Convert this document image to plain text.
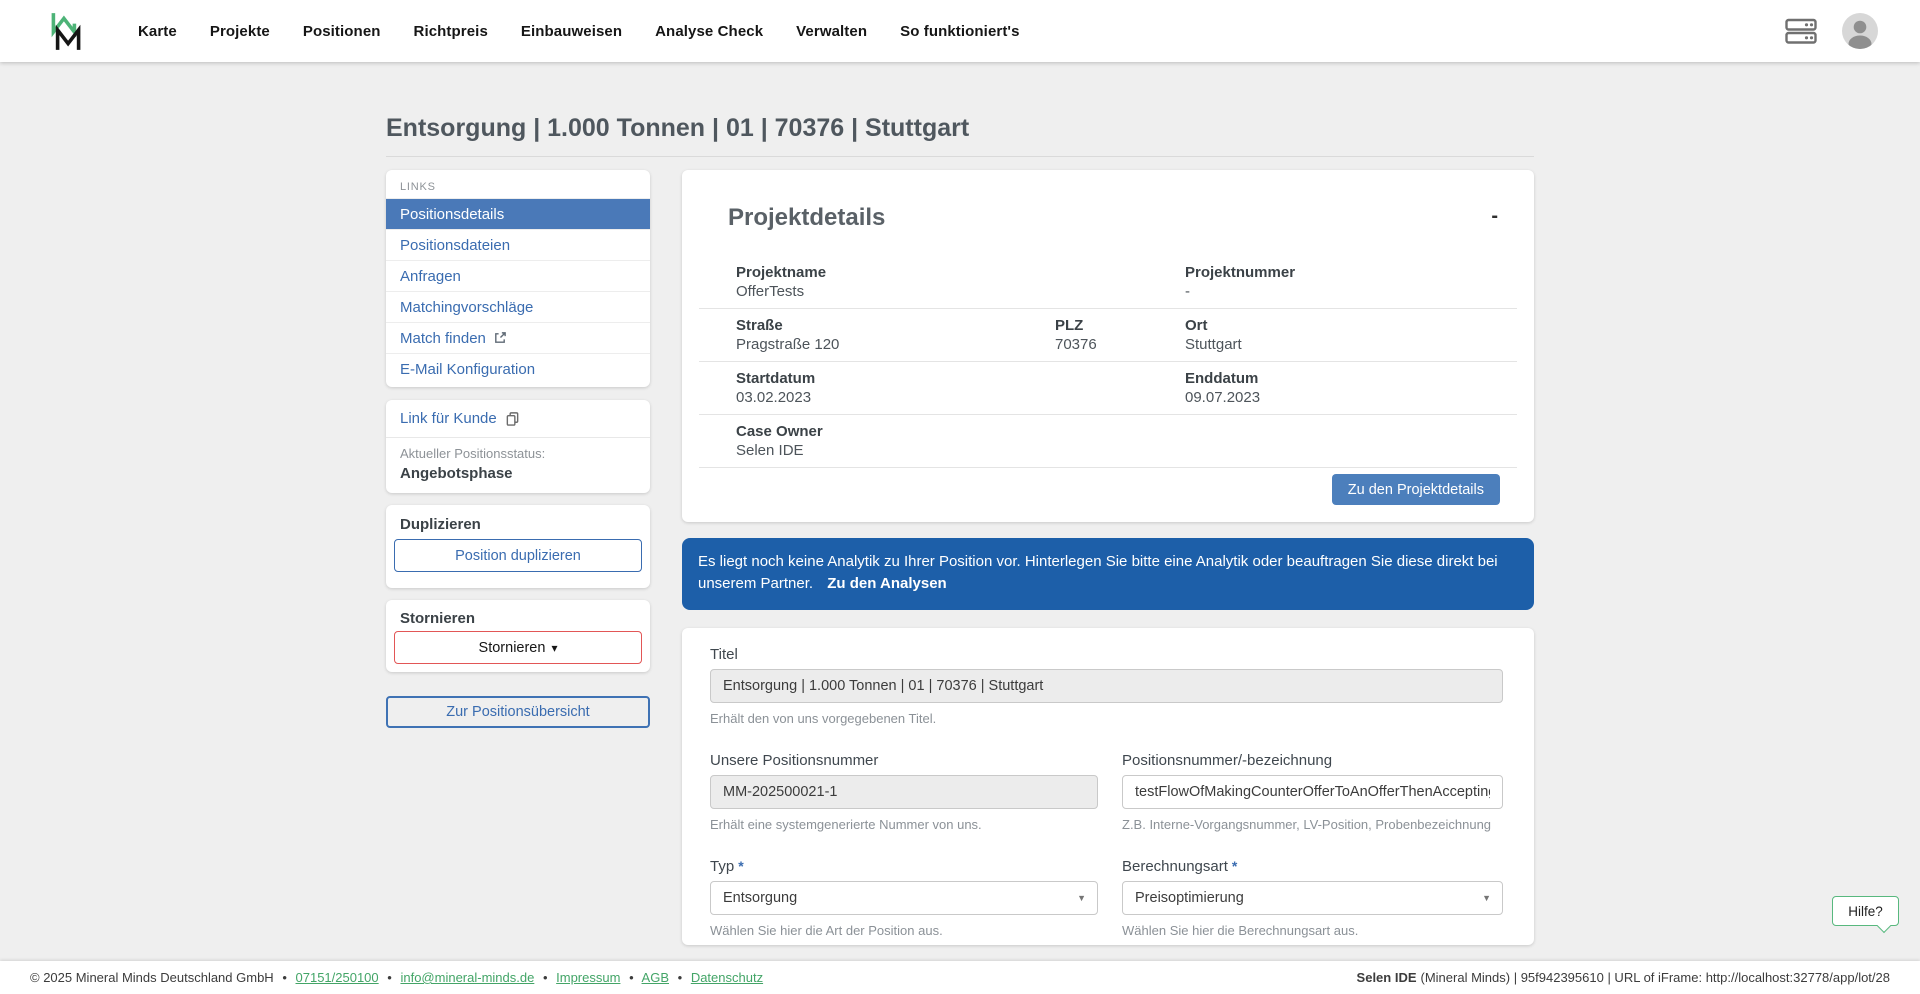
Karte Projekte Positionen Richtpreis Einbauweisen Analyse Check Verwalten So funktioniert's
Entsorgung | 1.000 Tonnen | 01 | 70376 | Stuttgart
LINKS
Positionsdetails
Positionsdateien
Anfragen
Matchingvorschläge
Match finden
E-Mail Konfiguration
Link für Kunde
Aktueller Positionsstatus:
Angebotsphase
Duplizieren
Position duplizieren
Stornieren
Stornieren ▾
Zur Positionsübersicht
Projektdetails	-
Projektname
OfferTests
Projektnummer
-
Straße
Pragstraße 120
PLZ
70376
Ort
Stuttgart
Startdatum
03.02.2023
Enddatum
09.07.2023
Case Owner
Selen IDE
Zu den Projektdetails
Es liegt noch keine Analytik zu Ihrer Position vor. Hinterlegen Sie bitte eine Analytik oder beauftragen Sie diese direkt bei unserem Partner. Zu den Analysen
Titel
Entsorgung | 1.000 Tonnen | 01 | 70376 | Stuttgart
Erhält den von uns vorgegebenen Titel.
Unsere Positionsnummer
MM-202500021-1
Erhält eine systemgenerierte Nummer von uns.
Positionsnummer/-bezeichnung
testFlowOfMakingCounterOfferToAnOfferThenAccepting
Z.B. Interne-Vorgangsnummer, LV-Position, Probenbezeichnung
Typ *
Entsorgung	▼
Wählen Sie hier die Art der Position aus.
Berechnungsart *
Preisoptimierung	▼
Wählen Sie hier die Berechnungsart aus.
Hilfe?
© 2025 Mineral Minds Deutschland GmbH • 07151/250100 • info@mineral-minds.de • Impressum • AGB • Datenschutz	Selen IDE (Mineral Minds) | 95f942395610 | URL of iFrame: http://localhost:32778/app/lot/28
